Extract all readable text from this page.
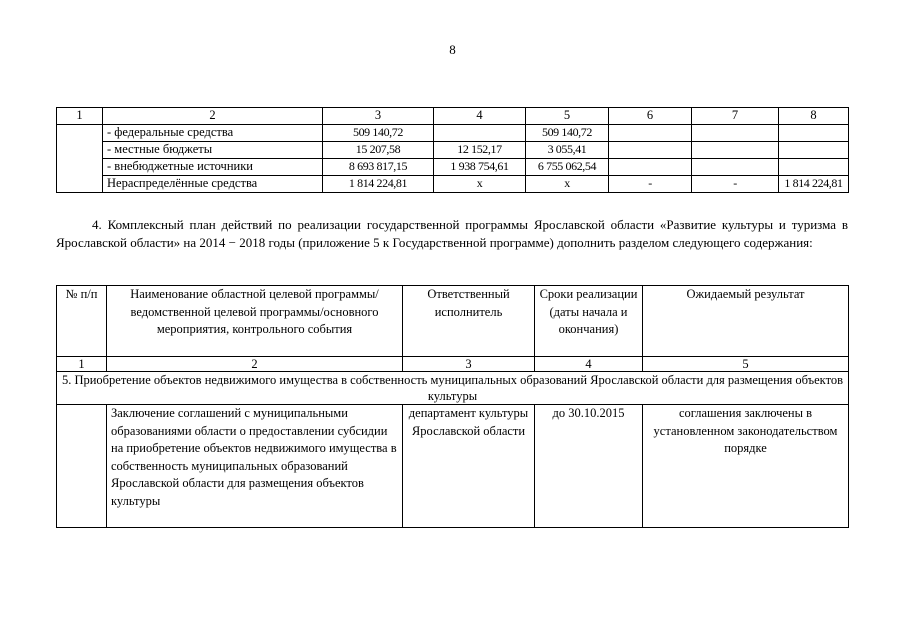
8
1	2	3	4	5	6	7	8
	- федеральные средства	509 140,72		509 140,72			
	- местные бюджеты	15 207,58	12 152,17	3 055,41			
	- внебюджетные источники	8 693 817,15	1 938 754,61	6 755 062,54			
	Нераспределённые средства	1 814 224,81	х	х	-	-	1 814 224,81

4. Комплексный план действий по реализации государственной программы Ярославской области «Развитие культуры и туризма в Ярославской области» на 2014 − 2018 годы (приложение 5 к Государственной программе) дополнить разделом следующего содержания:

№ п/п	Наименование областной целевой программы/ведомственной целевой программы/основного мероприятия, контрольного события	Ответственный исполнитель	Сроки реализации (даты начала и окончания)	Ожидаемый результат
1	2	3	4	5
5. Приобретение объектов недвижимого имущества в собственность муниципальных образований Ярославской области для размещения объектов культуры				
	Заключение соглашений с муниципальными образованиями области о предоставлении субсидии на приобретение объектов недвижимого имущества в собственность муниципальных образований Ярославской области для размещения объектов культуры	департамент культуры Ярославской области	до 30.10.2015	соглашения заключены в установленном законодательством порядке
